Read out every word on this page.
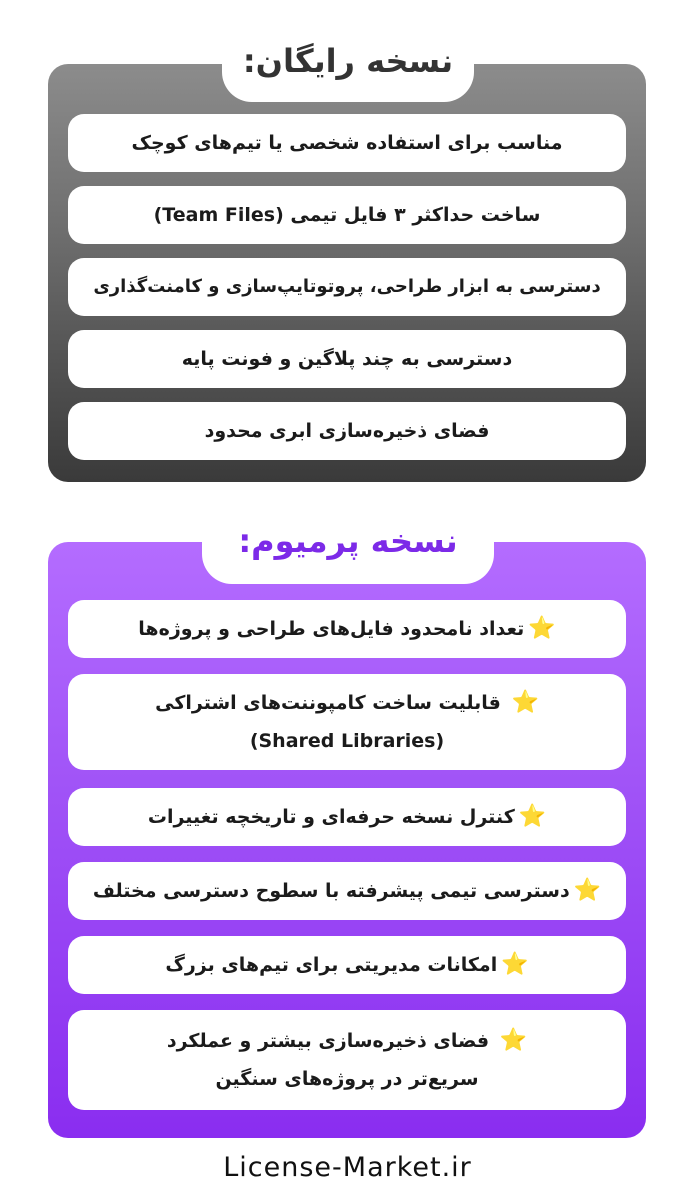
نسخه رایگان:
مناسب برای استفاده شخصی یا تیم‌های کوچک
ساخت حداکثر ۳ فایل تیمی (Team Files)
دسترسی به ابزار طراحی، پروتوتایپ‌سازی و کامنت‌گذاری
دسترسی به چند پلاگین و فونت پایه
فضای ذخیره‌سازی ابری محدود
نسخه پرمیوم:
⭐
تعداد نامحدود فایل‌های طراحی و پروژه‌ها
⭐ قابلیت ساخت کامپوننت‌های اشتراکی (Shared Libraries)
⭐
کنترل نسخه حرفه‌ای و تاریخچه تغییرات
⭐
دسترسی تیمی پیشرفته با سطوح دسترسی مختلف
⭐
امکانات مدیریتی برای تیم‌های بزرگ
⭐ فضای ذخیره‌سازی بیشتر و عملکرد سریع‌تر در پروژه‌های سنگین
License-Market.ir
